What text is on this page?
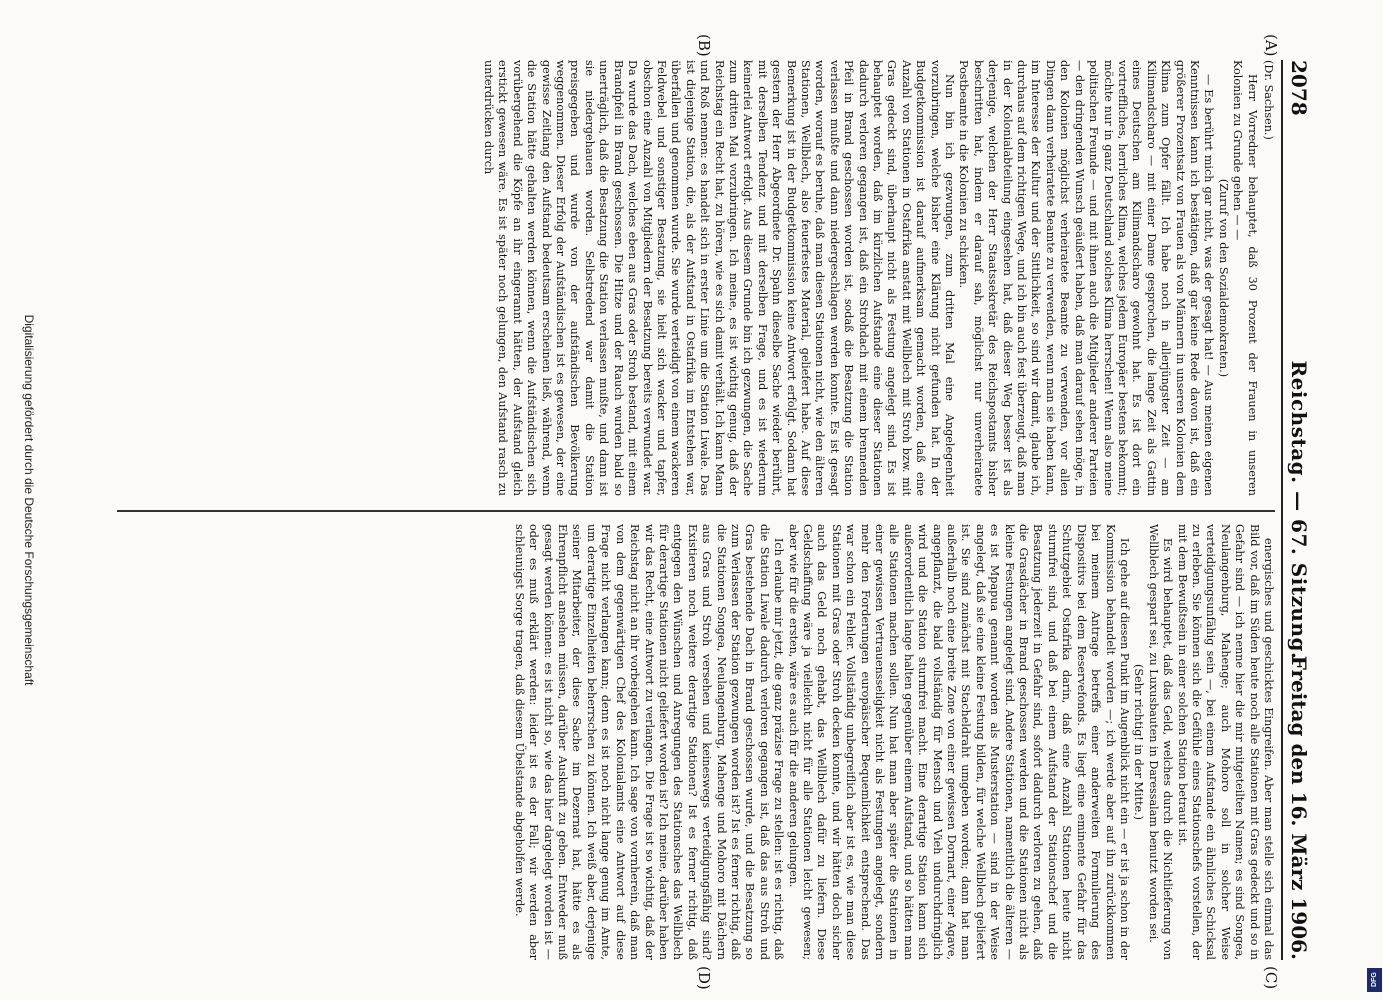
2078
Reichstag. — 67. Sitzung.
Freitag den 16. März 1906.
(A)
(B)
(C)
(D)

(Dr. Sachsen.)

Herr Vorredner behauptet, daß 30 Prozent der Frauen in unseren Kolonien zu Grunde gehen — —

(Zuruf von den Sozialdemokraten.)

— Es berührt mich gar nicht, was der gesagt hat! — Aus meinen eigenen Kenntnissen kann ich bestätigen, daß gar keine Rede davon ist, daß ein größerer Prozentsatz von Frauen als von Männern in unseren Kolonien dem Klima zum Opfer fällt. Ich habe noch in allerjüngster Zeit — am Kilimandscharo — mit einer Dame gesprochen, die lange Zeit als Gattin eines Deutschen am Kilimandscharo gewohnt hat. Es ist dort ein vortreffliches, herrliches Klima, welches jedem Europäer bestens bekommt; möchte nur in ganz Deutschland solches Klima herrschen! Wenn also meine politischen Freunde — und mit ihnen auch die Mitglieder anderer Parteien — den dringenden Wunsch geäußert haben, daß man darauf sehen möge, in den Kolonien möglichst verheiratete Beamte zu verwenden, vor allen Dingen dann verheiratete Beamte zu verwenden, wenn man sie haben kann, im Interesse der Kultur und der Sittlichkeit, so sind wir damit, glaube ich, durchaus auf dem richtigen Wege, und ich bin auch fest überzeugt, daß man in der Kolonialabteilung eingesehen hat, daß dieser Weg besser ist als derjenige, welchen der Herr Staatssekretär des Reichspostamts bisher beschritten hat, indem er darauf sah, möglichst nur unverheiratete Postbeamte in die Kolonien zu schicken.

Nun bin ich gezwungen, zum dritten Mal eine Angelegenheit vorzubringen, welche bisher eine Klärung nicht gefunden hat. In der Budgetkommission ist darauf aufmerksam gemacht worden, daß eine Anzahl von Stationen in Ostafrika anstatt mit Wellblech mit Stroh bzw. mit Gras gedeckt sind, überhaupt nicht als Festung angelegt sind. Es ist behauptet worden, daß im kürzlichen Aufstande eine dieser Stationen dadurch verloren gegangen ist, daß ein Strohdach mit einem brennenden Pfeil in Brand geschossen worden ist, sodaß die Besatzung die Station verlassen mußte und dann niedergeschlagen werden konnte. Es ist gesagt worden, worauf es beruhe, daß man diesen Stationen nicht, wie den älteren Stationen, Wellblech, also feuerfestes Material, geliefert habe. Auf diese Bemerkung ist in der Budgetkommission keine Antwort erfolgt. Sodann hat gestern der Herr Abgeordnete Dr. Spahn dieselbe Sache wieder berührt, mit derselben Tendenz und mit derselben Frage, und es ist wiederum keinerlei Antwort erfolgt. Aus diesem Grunde bin ich gezwungen, die Sache zum dritten Mal vorzubringen. Ich meine, es ist wichtig genug, daß der Reichstag ein Recht hat, zu hören, wie es sich damit verhält. Ich kann Mann und Roß nennen: es handelt sich in erster Linie um die Station Liwale. Das ist diejenige Station, die, als der Aufstand in Ostafrika im Entstehen war, überfallen und genommen wurde. Sie wurde verteidigt von einem wackeren Feldwebel und sonstiger Besatzung, sie hielt sich wacker und tapfer, obschon eine Anzahl von Mitgliedern der Besatzung bereits verwundet war. Da wurde das Dach, welches eben aus Gras oder Stroh bestand, mit einem Brandpfeil in Brand geschossen. Die Hitze und der Rauch wurden bald so unerträglich, daß die Besatzung die Station verlassen mußte, und dann ist sie niedergehauen worden. Selbstredend war damit die Station preisgegeben und wurde von der aufständischen Bevölkerung weggenommen. Dieser Erfolg der Aufständischen ist es gewesen, der eine gewisse Zeitlang den Aufstand bedeutsam erscheinen ließ, während, wenn die Station hätte gehalten werden können, wenn die Aufständischen sich vorübergehend die Köpfe an ihr eingerannt hätten, der Aufstand gleich erstickt gewesen wäre. Es ist später noch gelungen, den Aufstand rasch zu unterdrücken durch

energisches und geschicktes Eingreifen. Aber man stelle sich einmal das Bild vor, daß im Süden heute noch alle Stationen mit Gras gedeckt und so in Gefahr sind — ich nenne hier die mir mitgeteilten Namen; es sind Songea, Neulangenburg, Mahenge; auch Mohoro soll in solcher Weise verteidigungsunfähig sein —, bei einem Aufstande ein ähnliches Schicksal zu erleben. Sie können sich die Gefühle eines Stationschefs vorstellen, der mit dem Bewußtsein in einer solchen Station betraut ist.

Es wird behauptet, daß das Geld, welches durch die Nichtlieferung von Wellblech gespart sei, zu Luxusbauten in Daressalam benutzt worden sei.

(Sehr richtig! in der Mitte.)

Ich gehe auf diesen Punkt im Augenblick nicht ein — er ist ja schon in der Kommission behandelt worden —; ich werde aber auf ihn zurückkommen bei meinem Antrage betreffs einer anderweiten Formulierung des Dispositivs bei dem Reservefonds. Es liegt eine eminente Gefahr für das Schutzgebiet Ostafrika darin, daß eine Anzahl Stationen heute nicht sturmfrei sind, und daß bei einem Aufstand der Stationschef und die Besatzung jederzeit in Gefahr sind, sofort dadurch verloren zu gehen, daß die Grasdächer in Brand geschossen werden und die Stationen nicht als kleine Festungen angelegt sind. Andere Stationen, namentlich die älteren — es ist Mpapua genannt worden als Musterstation — sind in der Weise angelegt, daß sie eine kleine Festung bilden, für welche Wellblech geliefert ist. Sie sind zunächst mit Stacheldraht umgeben worden; dann hat man außerhalb noch eine breite Zone von einer gewissen Dornart, einer Agave, angepflanzt, die bald vollständig für Mensch und Vieh undurchdringlich wird und die Station sturmfrei macht. Eine derartige Station kann sich außerordentlich lange halten gegenüber einem Aufstand, und so hätten man alle Stationen machen sollen. Nun hat man aber später die Stationen in einer gewissen Vertrauensseligkeit nicht als Festungen angelegt, sondern mehr den Forderungen europäischer Bequemlichkeit entsprechend. Das war schon ein Fehler. Vollständig unbegreiflich aber ist es, wie man diese Stationen mit Gras oder Stroh decken konnte, und wir hätten doch sicher auch das Geld noch gehabt, das Wellblech dafür zu liefern. Diese Geldschaffung wäre ja vielleicht nicht für alle Stationen leicht gewesen; aber wie für die ersten, wäre es auch für die anderen gelungen.

Ich erlaube mir jetzt, die ganz präzise Frage zu stellen: ist es richtig, daß die Station Liwale dadurch verloren gegangen ist, daß das aus Stroh und Gras bestehende Dach in Brand geschossen wurde, und die Besatzung so zum Verlassen der Station gezwungen worden ist? Ist es ferner richtig, daß die Stationen Songea, Neulangenburg, Mahenge und Mohoro mit Dächern aus Gras und Stroh versehen und keineswegs verteidigungsfähig sind? Existieren noch weitere derartige Stationen? Ist es ferner richtig, daß entgegen den Wünschen und Anregungen des Stationsches das Wellblech für derartige Stationen nicht geliefert worden ist? Ich meine, darüber haben wir das Recht, eine Antwort zu verlangen. Die Frage ist so wichtig, daß der Reichstag nicht an ihr vorbeigehen kann. Ich sage von vornherein, daß man von dem gegenwärtigen Chef des Kolonialamts eine Antwort auf diese Frage nicht verlangen kann; denn es ist noch nicht lange genug im Amte, um derartige Einzelheiten beherrschen zu können. Ich weiß aber, derjenige seiner Mitarbeiter, der diese Sache im Dezernat hat, hätte es als Ehrenpflicht ansehen müssen, darüber Auskunft zu geben. Entweder muß gesagt werden können: es ist nicht so, wie das hier dargelegt worden ist — oder es muß erklärt werden: leider ist es der Fall; wir werden aber schleunigst Sorge tragen, daß diesem Übelstande abgeholfen werde.

Digitalisierung gefördert durch die Deutsche Forschungsgemeinschaft
DFG
